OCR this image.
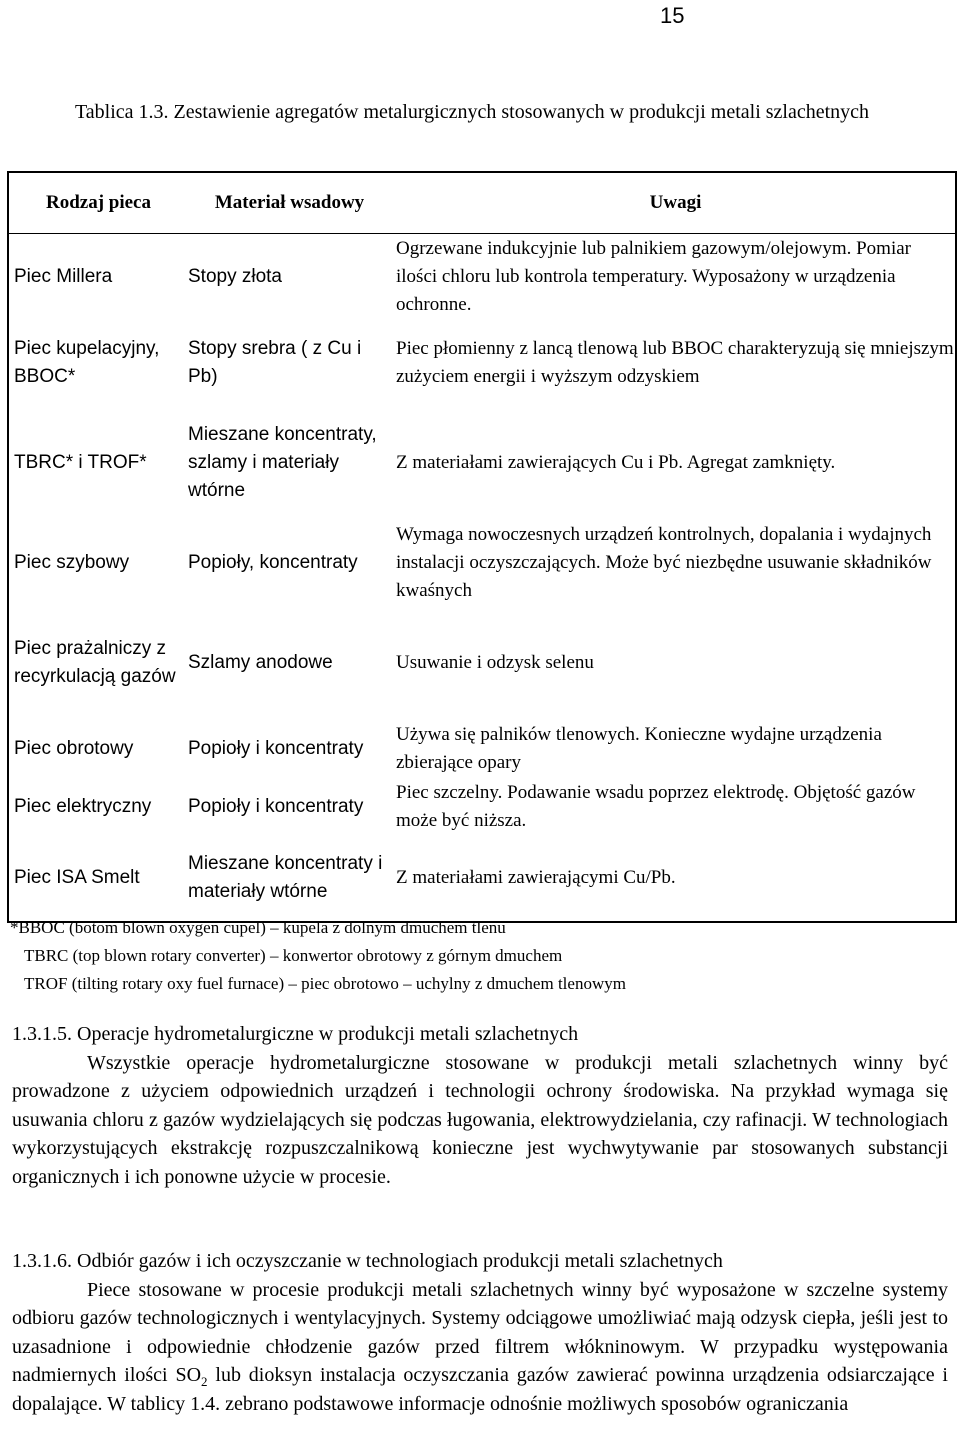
15
Tablica 1.3. Zestawienie agregatów metalurgicznych stosowanych w produkcji metali szlachetnych
Rodzaj pieca	Materiał wsadowy	Uwagi
Piec Millera	Stopy złota	Ogrzewane indukcyjnie lub palnikiem gazowym/olejowym. Pomiar ilości chloru lub kontrola temperatury. Wyposażony w urządzenia ochronne.
Piec kupelacyjny, BBOC*	Stopy srebra ( z Cu i Pb)	Piec płomienny z lancą tlenową lub BBOC charakteryzują się mniejszym zużyciem energii i wyższym odzyskiem
TBRC* i TROF*	Mieszane koncentraty, szlamy i materiały wtórne	Z materiałami zawierających Cu i Pb. Agregat zamknięty.
Piec szybowy	Popioły, koncentraty	Wymaga nowoczesnych urządzeń kontrolnych, dopalania i wydajnych instalacji oczyszczających. Może być niezbędne usuwanie składników kwaśnych
Piec prażalniczy z recyrkulacją gazów	Szlamy anodowe	Usuwanie i odzysk selenu
Piec obrotowy	Popioły i koncentraty	Używa się palników tlenowych. Konieczne wydajne urządzenia zbierające opary
Piec elektryczny	Popioły i koncentraty	Piec szczelny. Podawanie wsadu poprzez elektrodę. Objętość gazów może być niższa.
Piec ISA Smelt	Mieszane koncentraty i materiały wtórne	Z materiałami zawierającymi Cu/Pb.
*BBOC (botom blown oxygen cupel) – kupela z dolnym dmuchem tlenu
TBRC (top blown rotary converter) – konwertor obrotowy z górnym dmuchem
TROF (tilting rotary oxy fuel furnace) – piec obrotowo – uchylny z dmuchem tlenowym
1.3.1.5. Operacje hydrometalurgiczne w produkcji metali szlachetnych

Wszystkie operacje hydrometalurgiczne stosowane w produkcji metali szlachetnych winny być prowadzone z użyciem odpowiednich urządzeń i technologii ochrony środowiska. Na przykład wymaga się usuwania chloru z gazów wydzielających się podczas ługowania, elektrowydzielania, czy rafinacji. W technologiach wykorzystujących ekstrakcję rozpuszczalnikową konieczne jest wychwytywanie par stosowanych substancji organicznych i ich ponowne użycie w procesie.

1.3.1.6. Odbiór gazów i ich oczyszczanie w technologiach produkcji metali szlachetnych

Piece stosowane w procesie produkcji metali szlachetnych winny być wyposażone w szczelne systemy odbioru gazów technologicznych i wentylacyjnych. Systemy odciągowe umożliwiać mają odzysk ciepła, jeśli jest to uzasadnione i odpowiednie chłodzenie gazów przed filtrem włókninowym. W przypadku występowania nadmiernych ilości $SO_2$ lub dioksyn instalacja oczyszczania gazów zawierać powinna urządzenia odsiarczające i dopalające. W tablicy 1.4. zebrano podstawowe informacje odnośnie możliwych sposobów ograniczania
